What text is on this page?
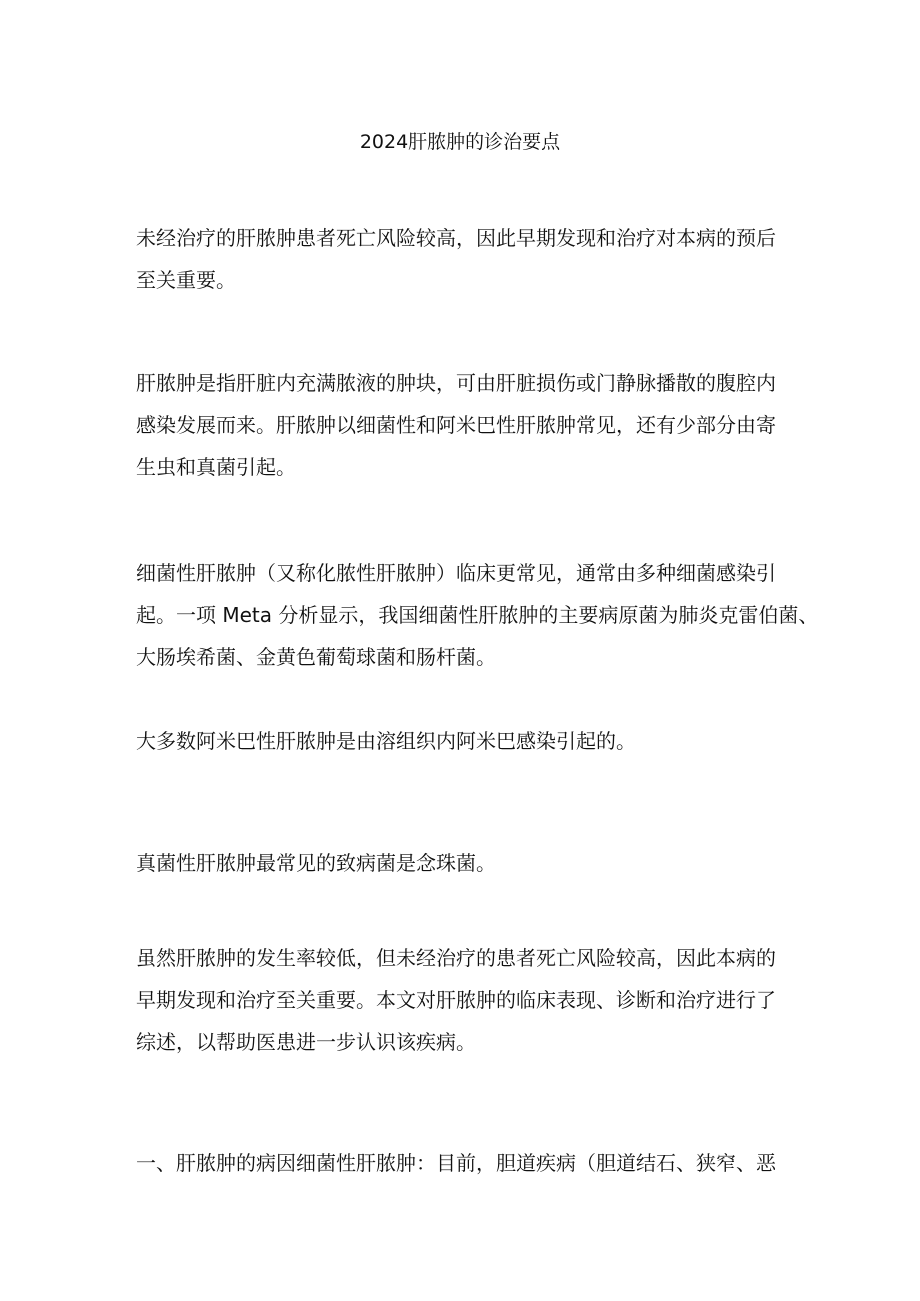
2024肝脓肿的诊治要点
未经治疗的肝脓肿患者死亡风险较高，因此早期发现和治疗对本病的预后
至关重要。
肝脓肿是指肝脏内充满脓液的肿块，可由肝脏损伤或门静脉播散的腹腔内
感染发展而来。肝脓肿以细菌性和阿米巴性肝脓肿常见，还有少部分由寄
生虫和真菌引起。
细菌性肝脓肿（又称化脓性肝脓肿）临床更常见，通常由多种细菌感染引
起。一项 Meta 分析显示，我国细菌性肝脓肿的主要病原菌为肺炎克雷伯菌、
大肠埃希菌、金黄色葡萄球菌和肠杆菌。
大多数阿米巴性肝脓肿是由溶组织内阿米巴感染引起的。
真菌性肝脓肿最常见的致病菌是念珠菌。
虽然肝脓肿的发生率较低，但未经治疗的患者死亡风险较高，因此本病的
早期发现和治疗至关重要。本文对肝脓肿的临床表现、诊断和治疗进行了
综述，以帮助医患进一步认识该疾病。
一、肝脓肿的病因细菌性肝脓肿：目前，胆道疾病（胆道结石、狭窄、恶
